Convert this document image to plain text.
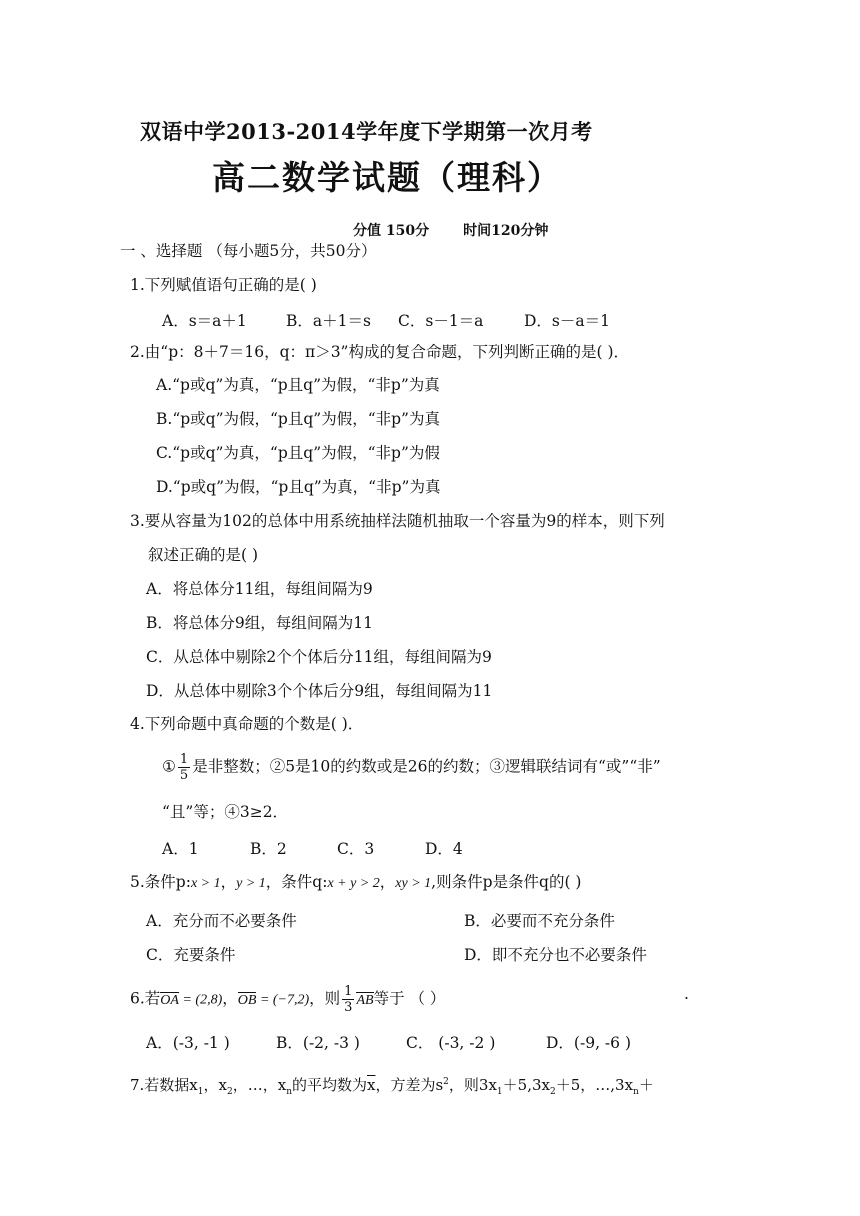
双语中学2013-2014学年度下学期第一次月考
高二数学试题（理科）
分值 150分 时间120分钟
一 、选择题 （每小题5分，共50分）
1.下列赋值语句正确的是( )
A．s＝a＋1	B．a＋1＝s C．s－1＝a	D．s－a＝1
2.由“p：8＋7＝16，q：π＞3”构成的复合命题，下列判断正确的是( )．
A.“p或q”为真，“p且q”为假，“非p”为真
B.“p或q”为假，“p且q”为假，“非p”为真
C.“p或q”为真，“p且q”为假，“非p”为假
D.“p或q”为假，“p且q”为真，“非p”为真
3.要从容量为102的总体中用系统抽样法随机抽取一个容量为9的样本，则下列
叙述正确的是( )
A．将总体分11组，每组间隔为9
B．将总体分9组，每组间隔为11
C．从总体中剔除2个个体后分11组，每组间隔为9
D．从总体中剔除3个个体后分9组，每组间隔为11
4.下列命题中真命题的个数是( )．
① $\frac{1}{5}$ 是非整数；②5是10的约数或是26的约数；③逻辑联结词有“或”“非”
“且”等；④3≥2．
A．1	B．2	C．3	D．4
5.条件p:x > 1，y > 1，条件q:x + y > 2，xy > 1,则条件p是条件q的( )
A．充分而不必要条件	B．必要而不充分条件
C．充要条件	D．即不充分也不必要条件
6.若OA = (2,8)，OB = (−7,2)，则 $\frac{1}{3}$ AB等于 （ ）	.
A．(-3, -1 )	B．(-2, -3 )	C． (-3, -2 )	D．(-9, -6 )
7.若数据$x_1$，$x_2$，…，$x_n$的平均数为$\overline{x}$，方差为$s^2$，则$3x_1+5,3x_2+5$，$\dots,3x_n+$
